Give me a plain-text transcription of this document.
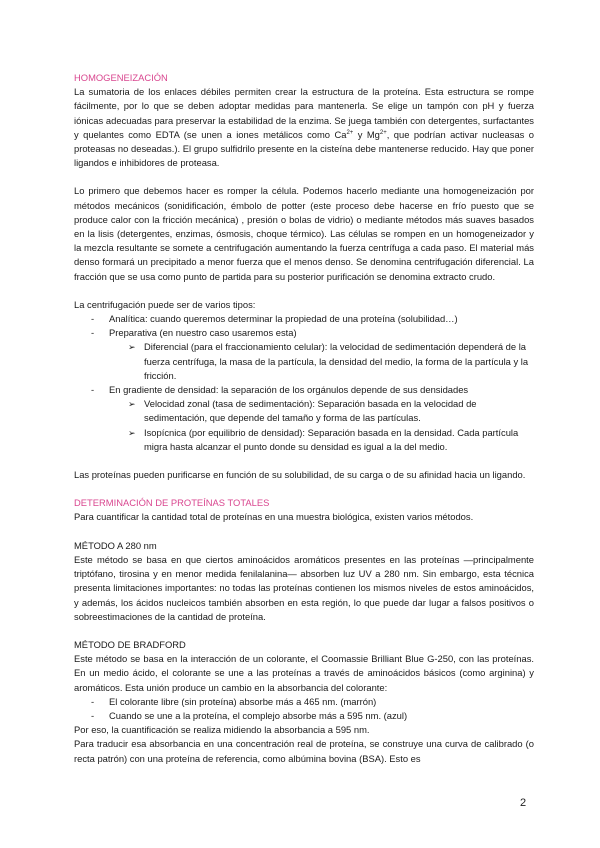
HOMOGENEIZACIÓN

La sumatoria de los enlaces débiles permiten crear la estructura de la proteína. Esta estructura se rompe fácilmente, por lo que se deben adoptar medidas para mantenerla. Se elige un tampón con pH y fuerza iónicas adecuadas para preservar la estabilidad de la enzima. Se juega también con detergentes, surfactantes y quelantes como EDTA (se unen a iones metálicos como $Ca^{2+}$ y $Mg^{2+}$, que podrían activar nucleasas o proteasas no deseadas.). El grupo sulfidrilo presente en la cisteína debe mantenerse reducido. Hay que poner ligandos e inhibidores de proteasa.

Lo primero que debemos hacer es romper la célula. Podemos hacerlo mediante una homogeneización por métodos mecánicos (sonidificación, émbolo de potter (este proceso debe hacerse en frío puesto que se produce calor con la fricción mecánica) , presión o bolas de vidrio) o mediante métodos más suaves basados en la lisis (detergentes, enzimas, ósmosis, choque térmico). Las células se rompen en un homogeneizador y la mezcla resultante se somete a centrifugación aumentando la fuerza centrífuga a cada paso. El material más denso formará un precipitado a menor fuerza que el menos denso. Se denomina centrifugación diferencial. La fracción que se usa como punto de partida para su posterior purificación se denomina extracto crudo.

La centrifugación puede ser de varios tipos:

- Analítica: cuando queremos determinar la propiedad de una proteína (solubilidad…)
- Preparativa (en nuestro caso usaremos esta)
➢ Diferencial (para el fraccionamiento celular): la velocidad de sedimentación dependerá de la fuerza centrífuga, la masa de la partícula, la densidad del medio, la forma de la partícula y la fricción.
- En gradiente de densidad: la separación de los orgánulos depende de sus densidades
➢ Velocidad zonal (tasa de sedimentación): Separación basada en la velocidad de sedimentación, que depende del tamaño y forma de las partículas.
➢ Isopícnica (por equilibrio de densidad): Separación basada en la densidad. Cada partícula migra hasta alcanzar el punto donde su densidad es igual a la del medio.

Las proteínas pueden purificarse en función de su solubilidad, de su carga o de su afinidad hacia un ligando.

DETERMINACIÓN DE PROTEÍNAS TOTALES

Para cuantificar la cantidad total de proteínas en una muestra biológica, existen varios métodos.

MÉTODO A 280 nm

Este método se basa en que ciertos aminoácidos aromáticos presentes en las proteínas —principalmente triptófano, tirosina y en menor medida fenilalanina— absorben luz UV a 280 nm. Sin embargo, esta técnica presenta limitaciones importantes: no todas las proteínas contienen los mismos niveles de estos aminoácidos, y además, los ácidos nucleicos también absorben en esta región, lo que puede dar lugar a falsos positivos o sobreestimaciones de la cantidad de proteína.

MÉTODO DE BRADFORD

Este método se basa en la interacción de un colorante, el Coomassie Brilliant Blue G-250, con las proteínas. En un medio ácido, el colorante se une a las proteínas a través de aminoácidos básicos (como arginina) y aromáticos. Esta unión produce un cambio en la absorbancia del colorante:

- El colorante libre (sin proteína) absorbe más a 465 nm. (marrón)
- Cuando se une a la proteína, el complejo absorbe más a 595 nm. (azul)

Por eso, la cuantificación se realiza midiendo la absorbancia a 595 nm.

Para traducir esa absorbancia en una concentración real de proteína, se construye una curva de calibrado (o recta patrón) con una proteína de referencia, como albúmina bovina (BSA). Esto es

2
